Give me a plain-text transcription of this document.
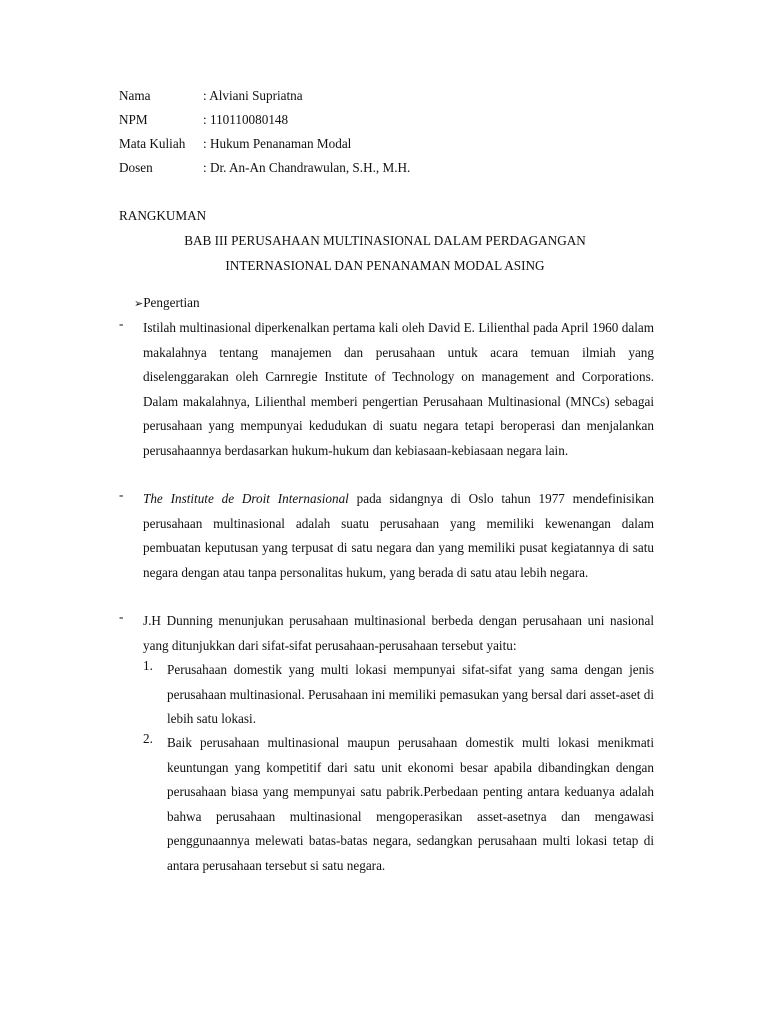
Nama	: Alviani Supriatna
NPM	: 110110080148
Mata Kuliah	: Hukum Penanaman Modal
Dosen	: Dr. An-An Chandrawulan, S.H., M.H.
RANGKUMAN
BAB III PERUSAHAAN MULTINASIONAL DALAM PERDAGANGAN
INTERNASIONAL DAN PENANAMAN MODAL ASING
➢Pengertian
-	Istilah multinasional diperkenalkan pertama kali oleh David E. Lilienthal pada April 1960 dalam makalahnya tentang manajemen dan perusahaan untuk acara temuan ilmiah yang diselenggarakan oleh Carnregie Institute of Technology on management and Corporations. Dalam makalahnya, Lilienthal memberi pengertian Perusahaan Multinasional (MNCs) sebagai perusahaan yang mempunyai kedudukan di suatu negara tetapi beroperasi dan menjalankan perusahaannya berdasarkan hukum-hukum dan kebiasaan-kebiasaan negara lain.
-	The Institute de Droit Internasional pada sidangnya di Oslo tahun 1977 mendefinisikan perusahaan multinasional adalah suatu perusahaan yang memiliki kewenangan dalam pembuatan keputusan yang terpusat di satu negara dan yang memiliki pusat kegiatannya di satu negara dengan atau tanpa personalitas hukum, yang berada di satu atau lebih negara.
-	J.H Dunning menunjukan perusahaan multinasional berbeda dengan perusahaan uni nasional yang ditunjukkan dari sifat-sifat perusahaan-perusahaan tersebut yaitu:
1.	Perusahaan domestik yang multi lokasi mempunyai sifat-sifat yang sama dengan jenis perusahaan multinasional. Perusahaan ini memiliki pemasukan yang bersal dari asset-aset di lebih satu lokasi.
2.	Baik perusahaan multinasional maupun perusahaan domestik multi lokasi menikmati keuntungan yang kompetitif dari satu unit ekonomi besar apabila dibandingkan dengan perusahaan biasa yang mempunyai satu pabrik.Perbedaan penting antara keduanya adalah bahwa perusahaan multinasional mengoperasikan asset-asetnya dan mengawasi penggunaannya melewati batas-batas negara, sedangkan perusahaan multi lokasi tetap di antara perusahaan tersebut si satu negara.
